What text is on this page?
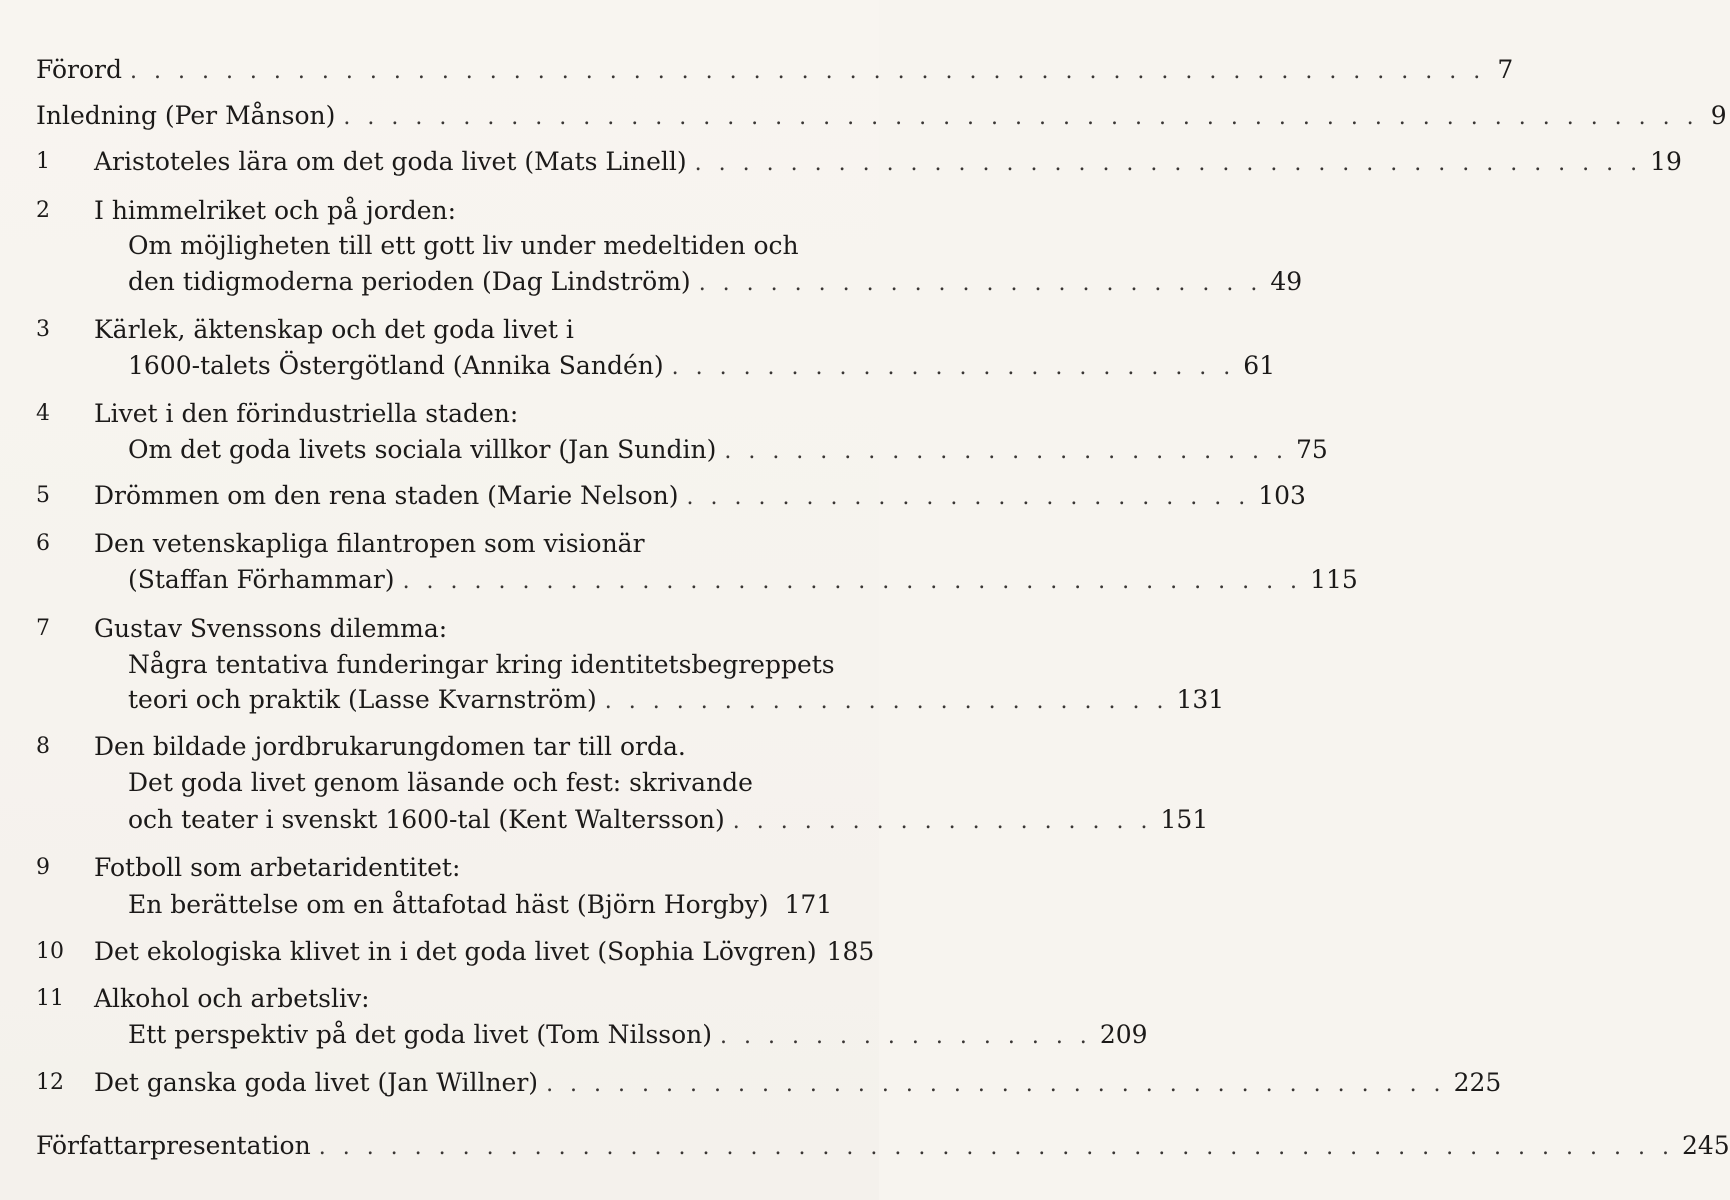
Förord . . . . . . . . . . . . . . . . . . . . . . . . . . . . . . . . . . . . . . . . . . . . . . . . . . . . . . . . . 7
Inledning (Per Månson) . . . . . . . . . . . . . . . . . . . . . . . . . . . . . . . . . . . . . . . . . . . . . . . . . . . . . . . . . 9
1 Aristoteles lära om det goda livet (Mats Linell) . . . . . . . . . . . . . . . . . . . . . . . . . . . . . . . . . . . . . . . . 19
2 I himmelriket och på jorden:
Om möjligheten till ett gott liv under medeltiden och
den tidigmoderna perioden (Dag Lindström) . . . . . . . . . . . . . . . . . . . . . . . . 49
3 Kärlek, äktenskap och det goda livet i
1600-talets Östergötland (Annika Sandén) . . . . . . . . . . . . . . . . . . . . . . . . 61
4 Livet i den förindustriella staden:
Om det goda livets sociala villkor (Jan Sundin) . . . . . . . . . . . . . . . . . . . . . . . . 75
5 Drömmen om den rena staden (Marie Nelson) . . . . . . . . . . . . . . . . . . . . . . . . 103
6 Den vetenskapliga filantropen som visionär
(Staffan Förhammar) . . . . . . . . . . . . . . . . . . . . . . . . . . . . . . . . . . . . . . 115
7 Gustav Svenssons dilemma:
Några tentativa funderingar kring identitetsbegreppets
teori och praktik (Lasse Kvarnström) . . . . . . . . . . . . . . . . . . . . . . . . 131
8 Den bildade jordbrukarungdomen tar till orda.
Det goda livet genom läsande och fest: skrivande
och teater i svenskt 1600-tal (Kent Waltersson) . . . . . . . . . . . . . . . . . . 151
9 Fotboll som arbetaridentitet:
En berättelse om en åttafotad häst (Björn Horgby) 171
10 Det ekologiska klivet in i det goda livet (Sophia Lövgren) 185
11 Alkohol och arbetsliv:
Ett perspektiv på det goda livet (Tom Nilsson) . . . . . . . . . . . . . . . . 209
12 Det ganska goda livet (Jan Willner) . . . . . . . . . . . . . . . . . . . . . . . . . . . . . . . . . . . . . . 225
Författarpresentation . . . . . . . . . . . . . . . . . . . . . . . . . . . . . . . . . . . . . . . . . . . . . . . . . . . . . . . . . 245
